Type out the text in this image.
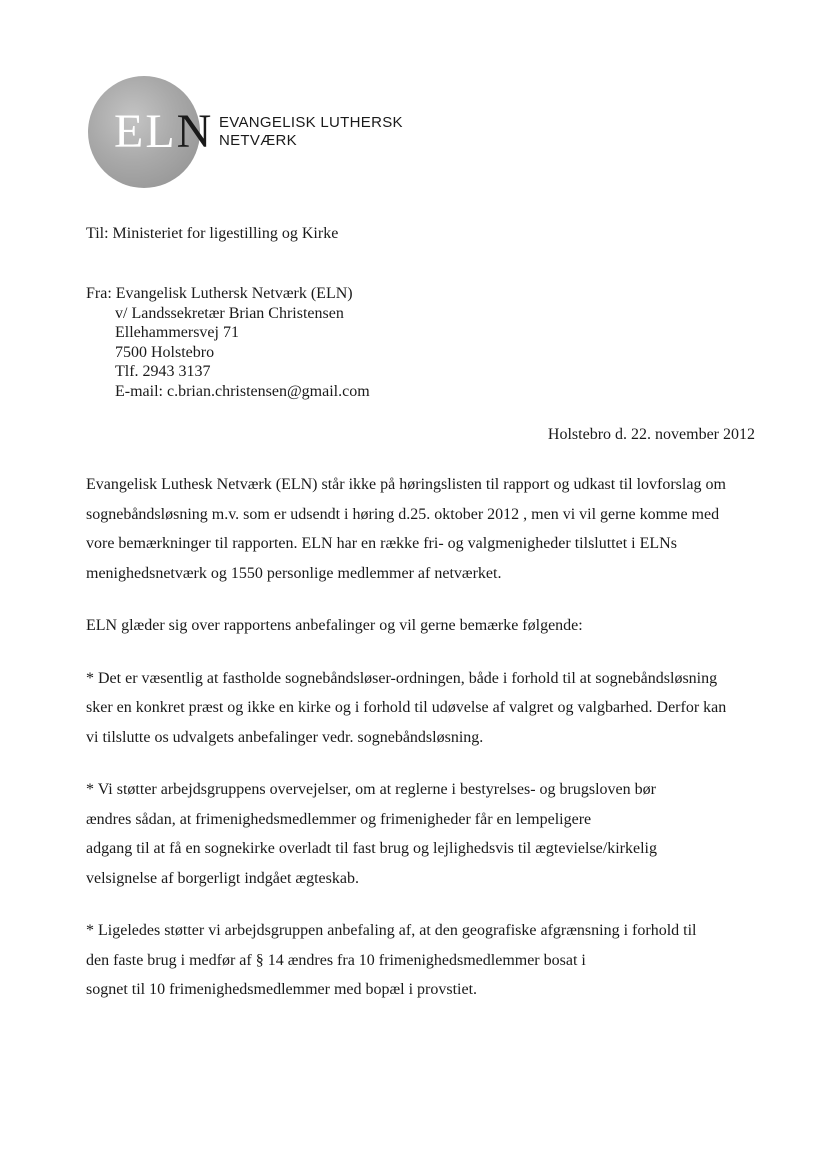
ELN EVANGELISK LUTHERSK
NETVÆRK
Til: Ministeriet for ligestilling og Kirke
Fra: Evangelisk Luthersk Netværk (ELN)
v/ Landssekretær Brian Christensen
Ellehammersvej 71
7500 Holstebro
Tlf. 2943 3137
E-mail: c.brian.christensen@gmail.com
Holstebro d. 22. november 2012
Evangelisk Luthesk Netværk (ELN) står ikke på høringslisten til rapport og udkast til lovforslag om
sognebåndsløsning m.v. som er udsendt i høring d.25. oktober 2012 , men vi vil gerne komme med
vore bemærkninger til rapporten. ELN har en række fri- og valgmenigheder tilsluttet i ELNs
menighedsnetværk og 1550 personlige medlemmer af netværket.
ELN glæder sig over rapportens anbefalinger og vil gerne bemærke følgende:
* Det er væsentlig at fastholde sognebåndsløser-ordningen, både i forhold til at sognebåndsløsning
sker en konkret præst og ikke en kirke og i forhold til udøvelse af valgret og valgbarhed. Derfor kan
vi tilslutte os udvalgets anbefalinger vedr. sognebåndsløsning.
* Vi støtter arbejdsgruppens overvejelser, om at reglerne i bestyrelses- og brugsloven bør
ændres sådan, at frimenighedsmedlemmer og frimenigheder får en lempeligere
adgang til at få en sognekirke overladt til fast brug og lejlighedsvis til ægtevielse/kirkelig
velsignelse af borgerligt indgået ægteskab.
* Ligeledes støtter vi arbejdsgruppen anbefaling af, at den geografiske afgrænsning i forhold til
den faste brug i medfør af § 14 ændres fra 10 frimenighedsmedlemmer bosat i
sognet til 10 frimenighedsmedlemmer med bopæl i provstiet.
